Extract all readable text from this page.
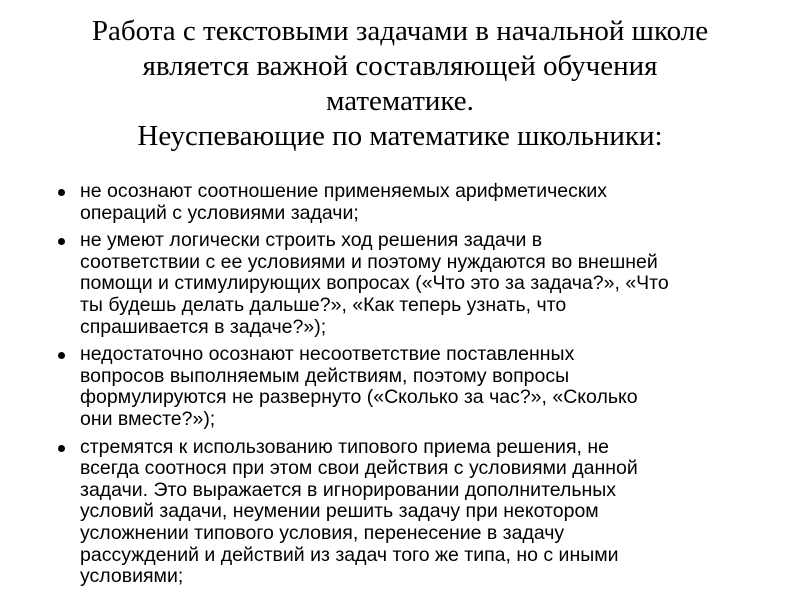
Работа с текстовыми задачами в начальной школе
является важной составляющей обучения
математике.
Неуспевающие по математике школьники:
не осознают соотношение применяемых арифметических
операций с условиями задачи;
не умеют логически строить ход решения задачи в
соответствии с ее условиями и поэтому нуждаются во внешней
помощи и стимулирующих вопросах («Что это за задача?», «Что
ты будешь делать дальше?», «Как теперь узнать, что
спрашивается в задаче?»);
недостаточно осознают несоответствие поставленных
вопросов выполняемым действиям, поэтому вопросы
формулируются не развернуто («Сколько за час?», «Сколько
они вместе?»);
стремятся к использованию типового приема решения, не
всегда соотнося при этом свои действия с условиями данной
задачи. Это выражается в игнорировании дополнительных
условий задачи, неумении решить задачу при некотором
усложнении типового условия, перенесение в задачу
рассуждений и действий из задач того же типа, но с иными
условиями;
